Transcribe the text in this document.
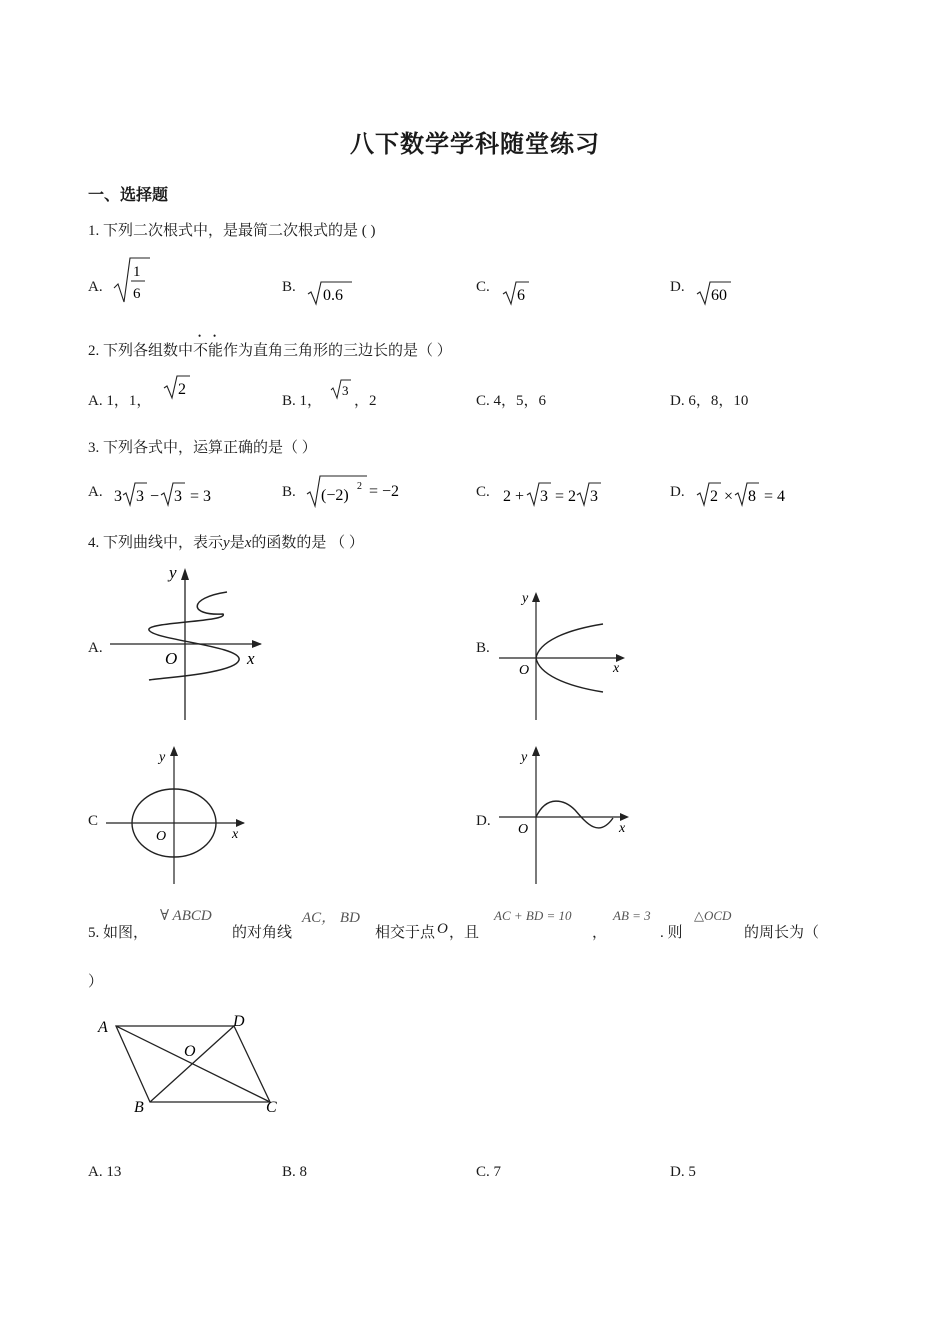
八下数学学科随堂练习
一、选择题
1. 下列二次根式中，是最简二次根式的是 ( )
A.
1
6	B. 0.6	C. 6	D. 60
2. 下列各组数中不能作为直角三角形的三边长的是（ ）
A. 1，1，
2
B. 1，
3
，2	C. 4，5，6	D. 6，8，10
3. 下列各式中，运算正确的是（ ）
A. 3 3 − 3 = 3	B. (−2)
2 = −2	C. 2 + 3 = 2 3	D. 2 × 8 = 4
4. 下列曲线中，表示y是x的函数的是 （ ）
A.
y
x
O
B.
y
x
O
C
y
x
O
D.
y
x
O
5. 如图，
∀ ABCD
的对角线
AC， BD
相交于点 O ，且
AC + BD = 10
，
AB = 3
. 则
△OCD
的周长为（
）
A	D
O
B	C
A. 13	B. 8	C. 7	D. 5
